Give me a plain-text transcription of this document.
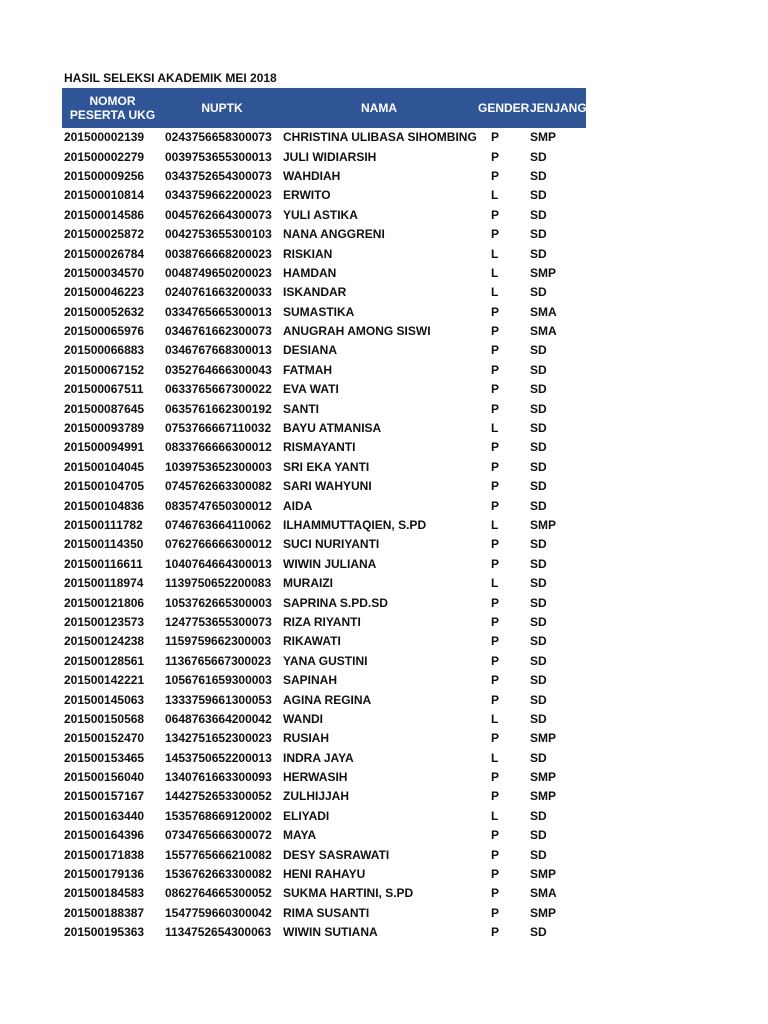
HASIL SELEKSI AKADEMIK MEI 2018
NOMOR
PESERTA UKG	NUPTK	NAMA	GENDER	JENJANG
201500002139	0243756658300073	CHRISTINA ULIBASA SIHOMBING	P	SMP
201500002279	0039753655300013	JULI WIDIARSIH	P	SD
201500009256	0343752654300073	WAHDIAH	P	SD
201500010814	0343759662200023	ERWITO	L	SD
201500014586	0045762664300073	YULI ASTIKA	P	SD
201500025872	0042753655300103	NANA ANGGRENI	P	SD
201500026784	0038766668200023	RISKIAN	L	SD
201500034570	0048749650200023	HAMDAN	L	SMP
201500046223	0240761663200033	ISKANDAR	L	SD
201500052632	0334765665300013	SUMASTIKA	P	SMA
201500065976	0346761662300073	ANUGRAH AMONG SISWI	P	SMA
201500066883	0346767668300013	DESIANA	P	SD
201500067152	0352764666300043	FATMAH	P	SD
201500067511	0633765667300022	EVA WATI	P	SD
201500087645	0635761662300192	SANTI	P	SD
201500093789	0753766667110032	BAYU ATMANISA	L	SD
201500094991	0833766666300012	RISMAYANTI	P	SD
201500104045	1039753652300003	SRI EKA YANTI	P	SD
201500104705	0745762663300082	SARI WAHYUNI	P	SD
201500104836	0835747650300012	AIDA	P	SD
201500111782	0746763664110062	ILHAMMUTTAQIEN, S.PD	L	SMP
201500114350	0762766666300012	SUCI NURIYANTI	P	SD
201500116611	1040764664300013	WIWIN JULIANA	P	SD
201500118974	1139750652200083	MURAIZI	L	SD
201500121806	1053762665300003	SAPRINA S.PD.SD	P	SD
201500123573	1247753655300073	RIZA RIYANTI	P	SD
201500124238	1159759662300003	RIKAWATI	P	SD
201500128561	1136765667300023	YANA GUSTINI	P	SD
201500142221	1056761659300003	SAPINAH	P	SD
201500145063	1333759661300053	AGINA REGINA	P	SD
201500150568	0648763664200042	WANDI	L	SD
201500152470	1342751652300023	RUSIAH	P	SMP
201500153465	1453750652200013	INDRA JAYA	L	SD
201500156040	1340761663300093	HERWASIH	P	SMP
201500157167	1442752653300052	ZULHIJJAH	P	SMP
201500163440	1535768669120002	ELIYADI	L	SD
201500164396	0734765666300072	MAYA	P	SD
201500171838	1557765666210082	DESY SASRAWATI	P	SD
201500179136	1536762663300082	HENI RAHAYU	P	SMP
201500184583	0862764665300052	SUKMA HARTINI, S.PD	P	SMA
201500188387	1547759660300042	RIMA SUSANTI	P	SMP
201500195363	1134752654300063	WIWIN SUTIANA	P	SD
